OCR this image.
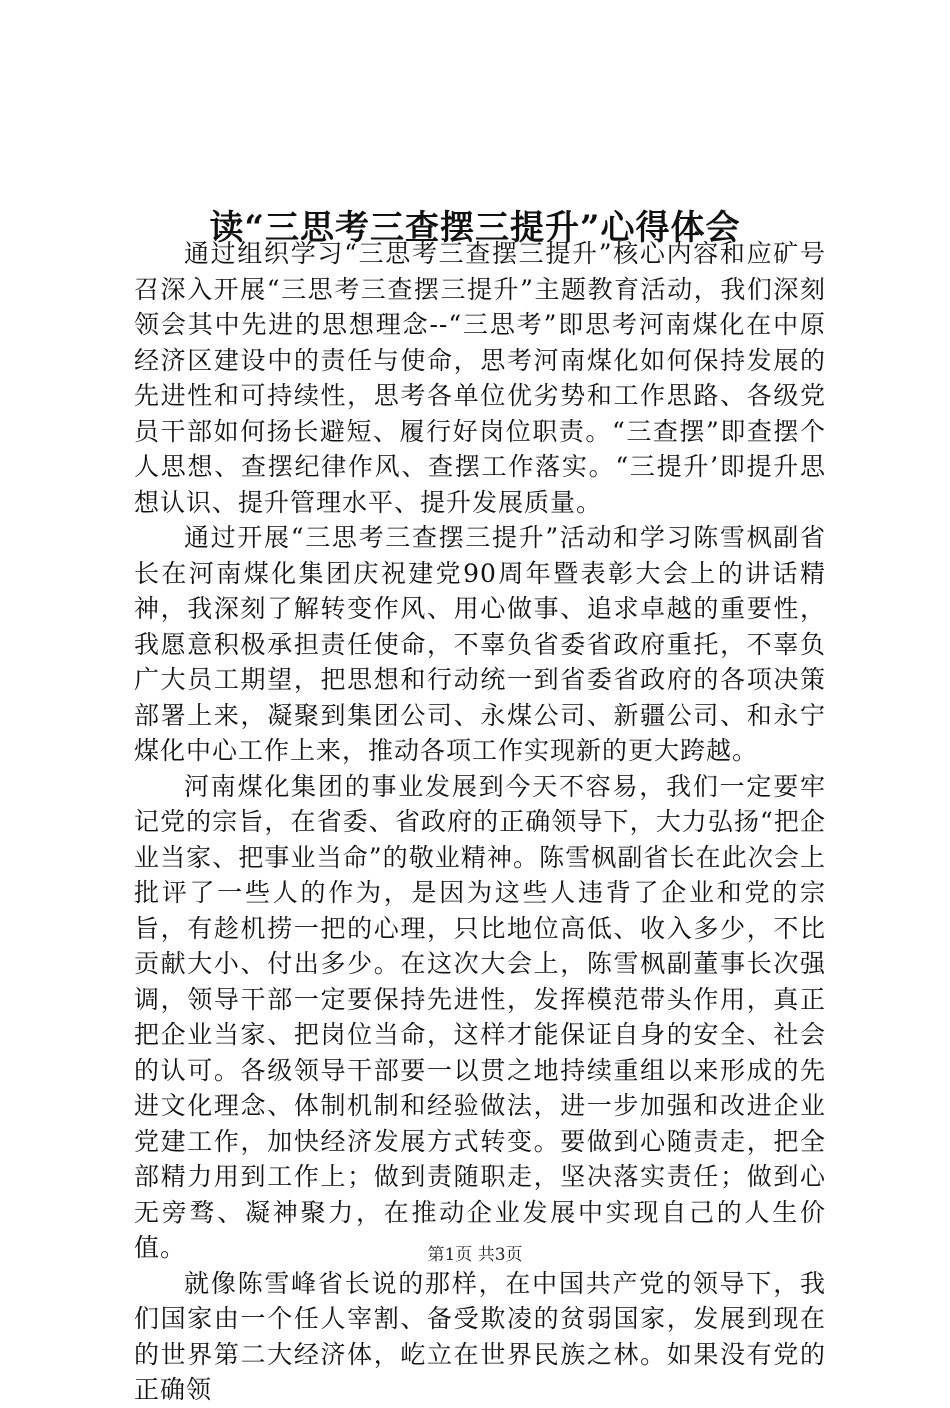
读“三思考三查摆三提升”心得体会

通过组织学习“三思考三查摆三提升”核心内容和应矿号召深入开展“三思考三查摆三提升”主题教育活动，我们深刻领会其中先进的思想理念--“三思考”即思考河南煤化在中原经济区建设中的责任与使命，思考河南煤化如何保持发展的先进性和可持续性，思考各单位优劣势和工作思路、各级党员干部如何扬长避短、履行好岗位职责。“三查摆”即查摆个人思想、查摆纪律作风、查摆工作落实。“三提升’即提升思想认识、提升管理水平、提升发展质量。

通过开展“三思考三查摆三提升”活动和学习陈雪枫副省长在河南煤化集团庆祝建党90周年暨表彰大会上的讲话精神，我深刻了解转变作风、用心做事、追求卓越的重要性，我愿意积极承担责任使命，不辜负省委省政府重托，不辜负广大员工期望，把思想和行动统一到省委省政府的各项决策部署上来，凝聚到集团公司、永煤公司、新疆公司、和永宁煤化中心工作上来，推动各项工作实现新的更大跨越。

河南煤化集团的事业发展到今天不容易，我们一定要牢记党的宗旨，在省委、省政府的正确领导下，大力弘扬“把企业当家、把事业当命”的敬业精神。陈雪枫副省长在此次会上批评了一些人的作为，是因为这些人违背了企业和党的宗旨，有趁机捞一把的心理，只比地位高低、收入多少，不比贡献大小、付出多少。在这次大会上，陈雪枫副董事长次强调，领导干部一定要保持先进性，发挥模范带头作用，真正把企业当家、把岗位当命，这样才能保证自身的安全、社会的认可。各级领导干部要一以贯之地持续重组以来形成的先进文化理念、体制机制和经验做法，进一步加强和改进企业党建工作，加快经济发展方式转变。要做到心随责走，把全部精力用到工作上；做到责随职走，坚决落实责任；做到心无旁骛、凝神聚力，在推动企业发展中实现自己的人生价值。

就像陈雪峰省长说的那样，在中国共产党的领导下，我们国家由一个任人宰割、备受欺凌的贫弱国家，发展到现在的世界第二大经济体，屹立在世界民族之林。如果没有党的正确领

第1页 共3页
